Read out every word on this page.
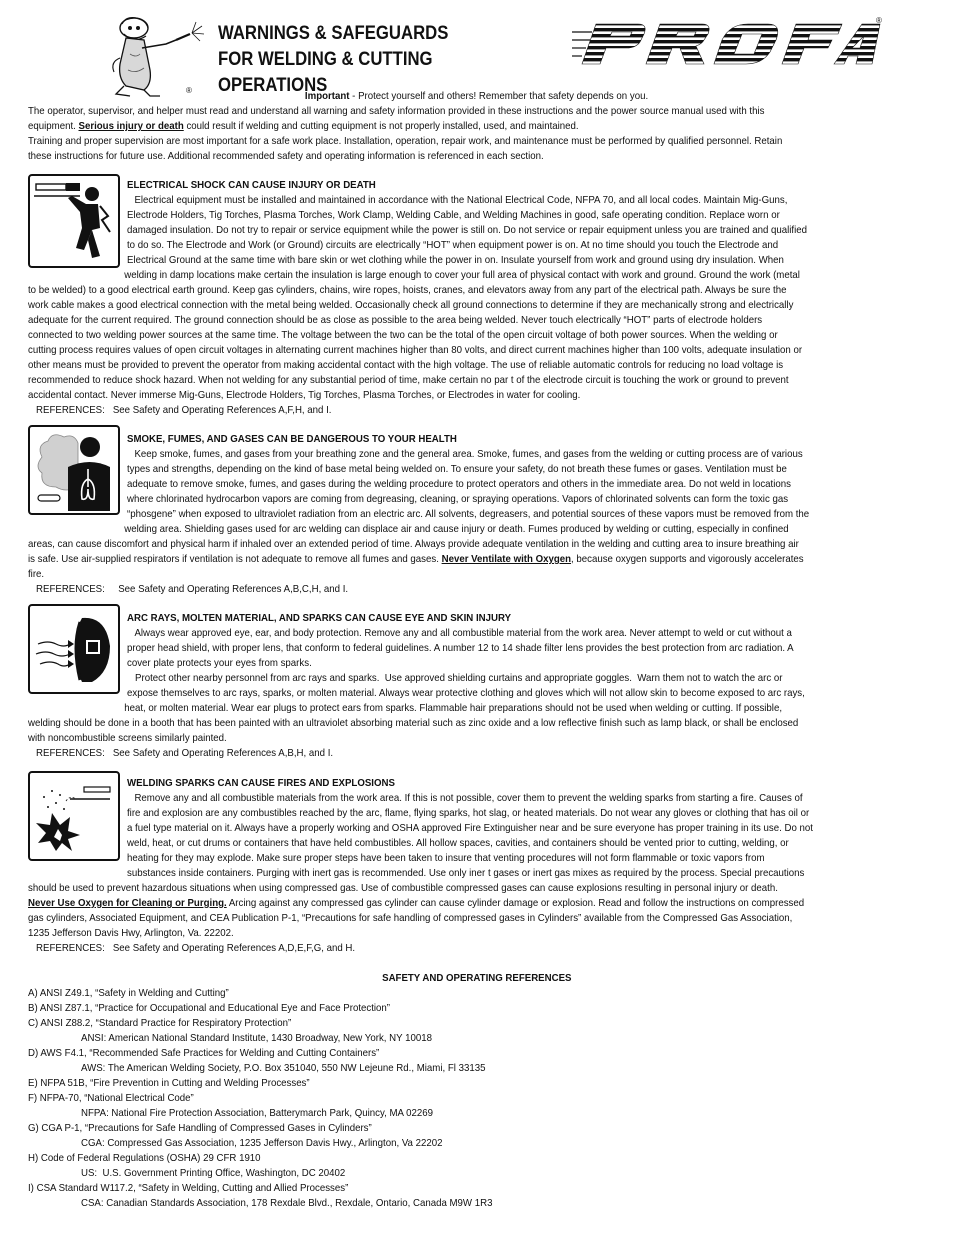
®
WARNINGS & SAFEGUARDS
FOR WELDING & CUTTING OPERATIONS
®
Important - Protect yourself and others! Remember that safety depends on you.
The operator, supervisor, and helper must read and understand all warning and safety information provided in these instructions and the power source manual used with this
equipment. Serious injury or death could result if welding and cutting equipment is not properly installed, used, and maintained.
Training and proper supervision are most important for a safe work place. Installation, operation, repair work, and maintenance must be performed by qualified personnel. Retain
these instructions for future use. Additional recommended safety and operating information is referenced in each section.
ELECTRICAL SHOCK CAN CAUSE INJURY OR DEATH
Electrical equipment must be installed and maintained in accordance with the National Electrical Code, NFPA 70, and all local codes. Maintain Mig-Guns,
Electrode Holders, Tig Torches, Plasma Torches, Work Clamp, Welding Cable, and Welding Machines in good, safe operating condition. Replace worn or
damaged insulation. Do not try to repair or service equipment while the power is still on. Do not service or repair equipment unless you are trained and qualified
to do so. The Electrode and Work (or Ground) circuits are electrically “HOT” when equipment power is on. At no time should you touch the Electrode and
Electrical Ground at the same time with bare skin or wet clothing while the power in on. Insulate yourself from work and ground using dry insulation. When
welding in damp locations make certain the insulation is large enough to cover your full area of physical contact with work and ground. Ground the work (metal
to be welded) to a good electrical earth ground. Keep gas cylinders, chains, wire ropes, hoists, cranes, and elevators away from any part of the electrical path. Always be sure the
work cable makes a good electrical connection with the metal being welded. Occasionally check all ground connections to determine if they are mechanically strong and electrically
adequate for the current required. The ground connection should be as close as possible to the area being welded. Never touch electrically “HOT” parts of electrode holders
connected to two welding power sources at the same time. The voltage between the two can be the total of the open circuit voltage of both power sources. When the welding or
cutting process requires values of open circuit voltages in alternating current machines higher than 80 volts, and direct current machines higher than 100 volts, adequate insulation or
other means must be provided to prevent the operator from making accidental contact with the high voltage. The use of reliable automatic controls for reducing no load voltage is
recommended to reduce shock hazard. When not welding for any substantial period of time, make certain no par t of the electrode circuit is touching the work or ground to prevent
accidental contact. Never immerse Mig-Guns, Electrode Holders, Tig Torches, Plasma Torches, or Electrodes in water for cooling.
REFERENCES:   See Safety and Operating References A,F,H, and I.
SMOKE, FUMES, AND GASES CAN BE DANGEROUS TO YOUR HEALTH
Keep smoke, fumes, and gases from your breathing zone and the general area. Smoke, fumes, and gases from the welding or cutting process are of various
types and strengths, depending on the kind of base metal being welded on. To ensure your safety, do not breath these fumes or gases. Ventilation must be
adequate to remove smoke, fumes, and gases during the welding procedure to protect operators and others in the immediate area. Do not weld in locations
where chlorinated hydrocarbon vapors are coming from degreasing, cleaning, or spraying operations. Vapors of chlorinated solvents can form the toxic gas
“phosgene” when exposed to ultraviolet radiation from an electric arc. All solvents, degreasers, and potential sources of these vapors must be removed from the
welding area. Shielding gases used for arc welding can displace air and cause injury or death. Fumes produced by welding or cutting, especially in confined
areas, can cause discomfort and physical harm if inhaled over an extended period of time. Always provide adequate ventilation in the welding and cutting area to insure breathing air
is safe. Use air-supplied respirators if ventilation is not adequate to remove all fumes and gases. Never Ventilate with Oxygen, because oxygen supports and vigorously accelerates
fire.
REFERENCES:     See Safety and Operating References A,B,C,H, and I.
ARC RAYS, MOLTEN MATERIAL, AND SPARKS CAN CAUSE EYE AND SKIN INJURY
Always wear approved eye, ear, and body protection. Remove any and all combustible material from the work area. Never attempt to weld or cut without a
proper head shield, with proper lens, that conform to federal guidelines. A number 12 to 14 shade filter lens provides the best protection from arc radiation. A
cover plate protects your eyes from sparks.
Protect other nearby personnel from arc rays and sparks.  Use approved shielding curtains and appropriate goggles.  Warn them not to watch the arc or
expose themselves to arc rays, sparks, or molten material. Always wear protective clothing and gloves which will not allow skin to become exposed to arc rays,
heat, or molten material. Wear ear plugs to protect ears from sparks. Flammable hair preparations should not be used when welding or cutting. If possible,
welding should be done in a booth that has been painted with an ultraviolet absorbing material such as zinc oxide and a low reflective finish such as lamp black, or shall be enclosed
with noncombustible screens similarly painted.
REFERENCES:   See Safety and Operating References A,B,H, and I.
WELDING SPARKS CAN CAUSE FIRES AND EXPLOSIONS
Remove any and all combustible materials from the work area. If this is not possible, cover them to prevent the welding sparks from starting a fire. Causes of
fire and explosion are any combustibles reached by the arc, flame, flying sparks, hot slag, or heated materials. Do not wear any gloves or clothing that has oil or
a fuel type material on it. Always have a properly working and OSHA approved Fire Extinguisher near and be sure everyone has proper training in its use. Do not
weld, heat, or cut drums or containers that have held combustibles. All hollow spaces, cavities, and containers should be vented prior to cutting, welding, or
heating for they may explode. Make sure proper steps have been taken to insure that venting procedures will not form flammable or toxic vapors from
substances inside containers. Purging with inert gas is recommended. Use only iner t gases or inert gas mixes as required by the process. Special precautions
should be used to prevent hazardous situations when using compressed gas. Use of combustible compressed gases can cause explosions resulting in personal injury or death.
Never Use Oxygen for Cleaning or Purging. Arcing against any compressed gas cylinder can cause cylinder damage or explosion. Read and follow the instructions on compressed
gas cylinders, Associated Equipment, and CEA Publication P-1, “Precautions for safe handling of compressed gases in Cylinders” available from the Compressed Gas Association,
1235 Jefferson Davis Hwy, Arlington, Va. 22202.
REFERENCES:   See Safety and Operating References A,D,E,F,G, and H.
SAFETY AND OPERATING REFERENCES
A) ANSI Z49.1, “Safety in Welding and Cutting”
B) ANSI Z87.1, “Practice for Occupational and Educational Eye and Face Protection”
C) ANSI Z88.2, “Standard Practice for Respiratory Protection”
ANSI: American National Standard Institute, 1430 Broadway, New York, NY 10018
D) AWS F4.1, “Recommended Safe Practices for Welding and Cutting Containers”
AWS: The American Welding Society, P.O. Box 351040, 550 NW Lejeune Rd., Miami, Fl 33135
E) NFPA 51B, “Fire Prevention in Cutting and Welding Processes”
F) NFPA-70, “National Electrical Code”
NFPA: National Fire Protection Association, Batterymarch Park, Quincy, MA 02269
G) CGA P-1, “Precautions for Safe Handling of Compressed Gases in Cylinders”
CGA: Compressed Gas Association, 1235 Jefferson Davis Hwy., Arlington, Va 22202
H) Code of Federal Regulations (OSHA) 29 CFR 1910
US:  U.S. Government Printing Office, Washington, DC 20402
I) CSA Standard W117.2, “Safety in Welding, Cutting and Allied Processes”
CSA: Canadian Standards Association, 178 Rexdale Blvd., Rexdale, Ontario, Canada M9W 1R3
